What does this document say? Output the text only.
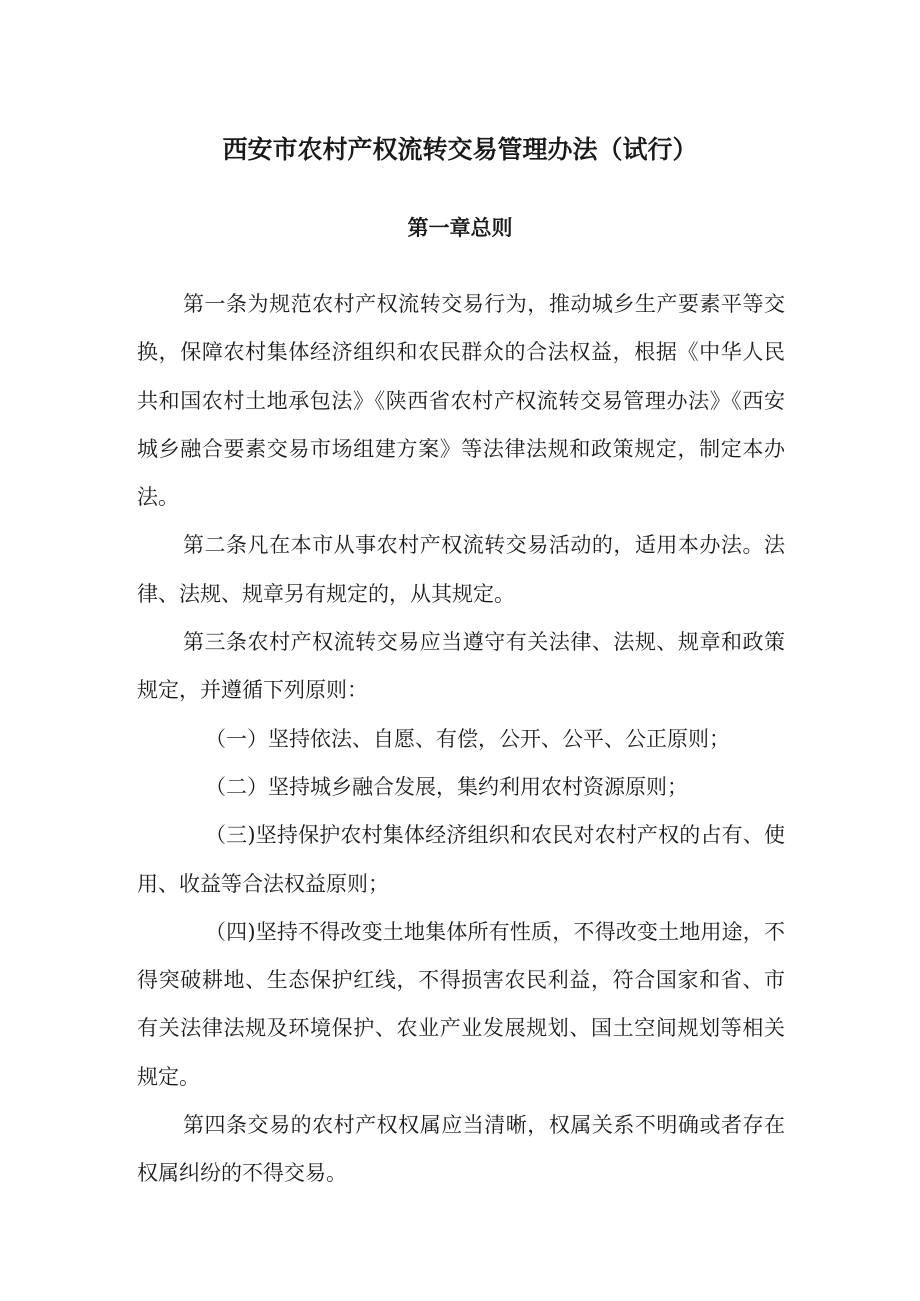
西安市农村产权流转交易管理办法（试行）
第一章总则

第一条为规范农村产权流转交易行为，推动城乡生产要素平等交换，保障农村集体经济组织和农民群众的合法权益，根据《中华人民共和国农村土地承包法》《陕西省农村产权流转交易管理办法》《西安城乡融合要素交易市场组建方案》等法律法规和政策规定，制定本办法。

第二条凡在本市从事农村产权流转交易活动的，适用本办法。法律、法规、规章另有规定的，从其规定。

第三条农村产权流转交易应当遵守有关法律、法规、规章和政策规定，并遵循下列原则：

（一）坚持依法、自愿、有偿，公开、公平、公正原则；

（二）坚持城乡融合发展，集约利用农村资源原则；

（三)坚持保护农村集体经济组织和农民对农村产权的占有、使用、收益等合法权益原则；

（四)坚持不得改变土地集体所有性质，不得改变土地用途，不得突破耕地、生态保护红线，不得损害农民利益，符合国家和省、市有关法律法规及环境保护、农业产业发展规划、国土空间规划等相关规定。

第四条交易的农村产权权属应当清晰，权属关系不明确或者存在权属纠纷的不得交易。
